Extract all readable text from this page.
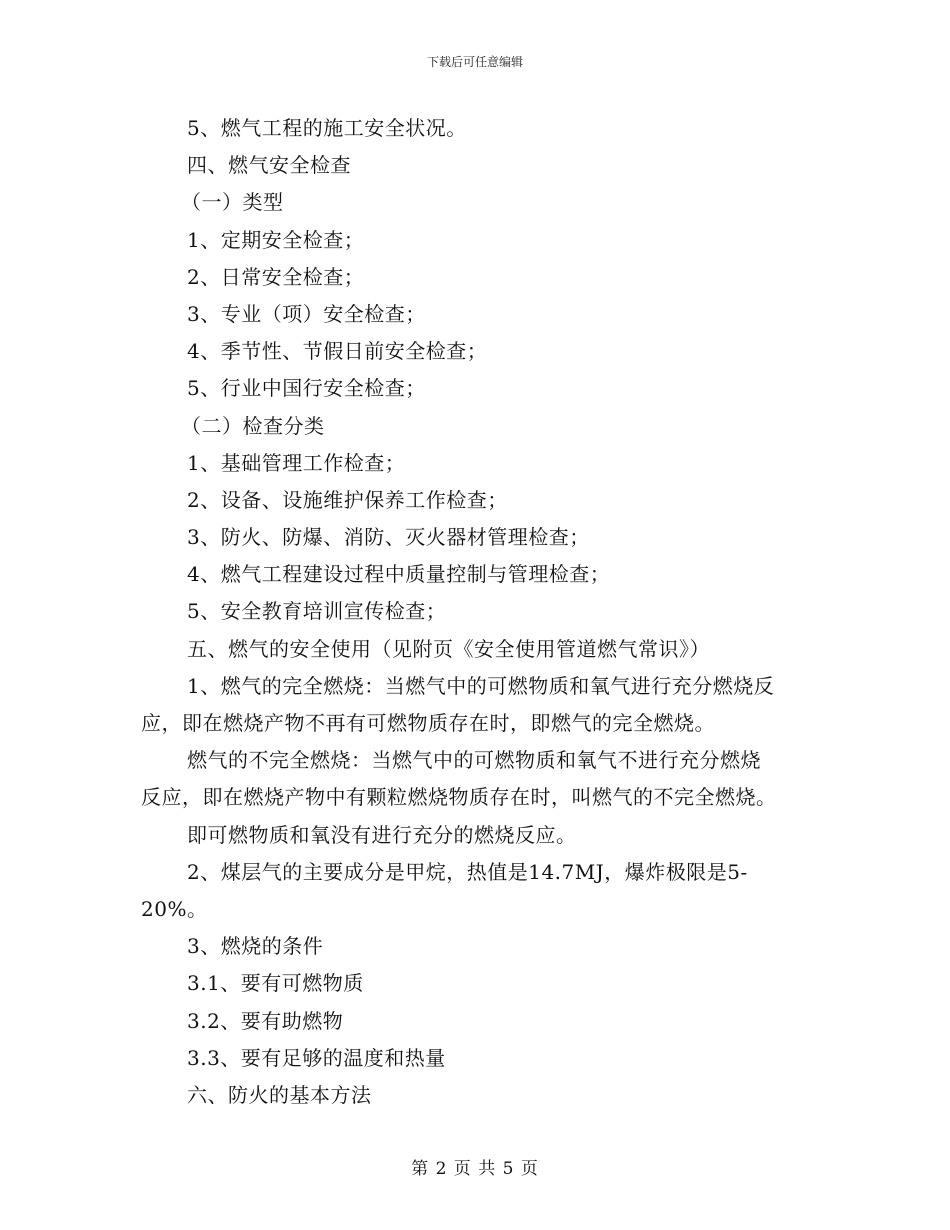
下载后可任意编辑
5、燃气工程的施工安全状况。
四、燃气安全检查
（一）类型
1、定期安全检查；
2、日常安全检查；
3、专业（项）安全检查；
4、季节性、节假日前安全检查；
5、行业中国行安全检查；
（二）检查分类
1、基础管理工作检查；
2、设备、设施维护保养工作检查；
3、防火、防爆、消防、灭火器材管理检查；
4、燃气工程建设过程中质量控制与管理检查；
5、安全教育培训宣传检查；
五、燃气的安全使用（见附页《安全使用管道燃气常识》）
1、燃气的完全燃烧：当燃气中的可燃物质和氧气进行充分燃烧反
应，即在燃烧产物不再有可燃物质存在时，即燃气的完全燃烧。
燃气的不完全燃烧：当燃气中的可燃物质和氧气不进行充分燃烧
反应，即在燃烧产物中有颗粒燃烧物质存在时，叫燃气的不完全燃烧。
即可燃物质和氧没有进行充分的燃烧反应。
2、煤层气的主要成分是甲烷，热值是14.7MJ，爆炸极限是5-
20%。
3、燃烧的条件
3.1、要有可燃物质
3.2、要有助燃物
3.3、要有足够的温度和热量
六、防火的基本方法
第 2 页 共 5 页
